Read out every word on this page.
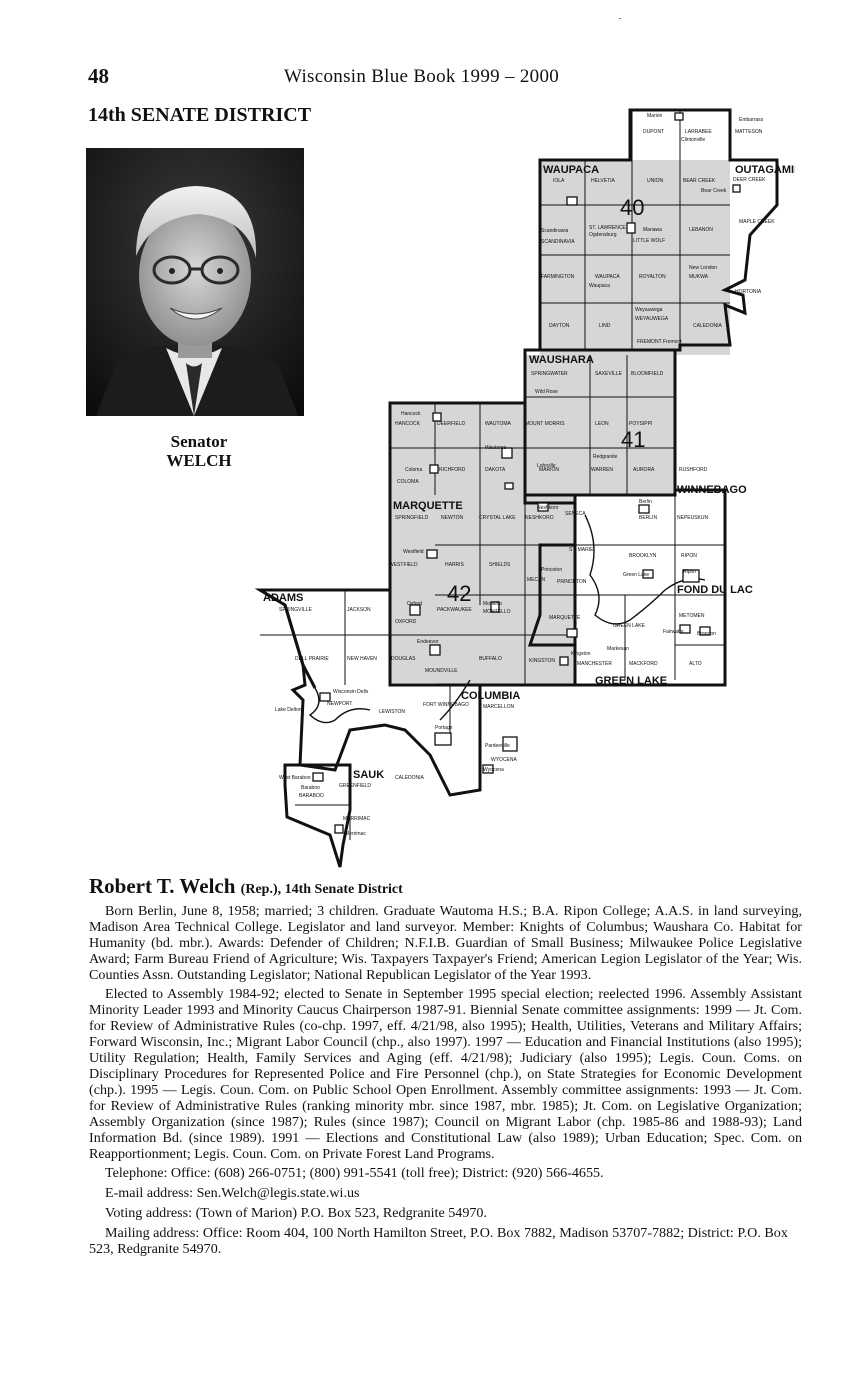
48	Wisconsin Blue Book 1999 – 2000
14th SENATE DISTRICT
Senator
WELCH
WAUPACA	OUTAGAMIE
WAUSHARA
WINNEBAGO
MARQUETTE
ADAMS
FOND DU LAC
GREEN LAKE
COLUMBIA
SAUK
40
41
42
Marion
Embarrass
DUPONT	LARRABEE
Clintonville
MATTESON
IOLA	HELVETIA	UNION	BEAR CREEK
Bear Creek
DEER CREEK
Scandinavia	ST. LAWRENCE
Ogdensburg
SCANDINAVIA
Manawa
LITTLE WOLF
LEBANON
MAPLE CREEK
FARMINGTON	WAUPACA
Waupaca
ROYALTON
New London
MUKWA
HORTONIA
DAYTON	LIND
Weyauwega
WEYAUWEGA
CALEDONIA
FREMONT Fremont
SPRINGWATER	SAXEVILLE BLOOMFIELD
Wild Rose
Hancock
HANCOCK	DEERFIELD	WAUTOMA	MOUNT MORRIS	LEON	POYSIPPI
Wautoma
Lohrville
Redgranite
Coloma
COLOMA
RICHFORD	DAKOTA	MARION	WARREN	AURORA	RUSHFORD
SPRINGFIELD	NEWTON	CRYSTAL LAKE
Neshkoro
NESHKORO
SENECA
Berlin
BERLIN	NEPEUSKUN
Westfield
WESTFIELD	HARRIS	SHIELDS
ST. MARIE
BROOKLYN	RIPON
Ripon
Princeton
PRINCETON
Green Lake
MECAN
SPRINGVILLE	JACKSON
Oxford
OXFORD
PACKWAUKEE
Montello
MONTELLO
MARQUETTE
GREEN LAKE
METOMEN
Fairwater	Brandon
Markesan
DELL PRAIRIE	NEW HAVEN	DOUGLAS
Endeavor
MOUNDVILLE
BUFFALO	KINGSTON
Kingston
MANCHESTER	MACKFORD	ALTO
Wisconsin Dells
Lake Delton
NEWPORT
LEWISTON
FORT WINNEBAGO	MARCELLON
Portage
Pardeeville
WYOCENA
Wyocena
West Baraboo
Baraboo
BARABOO
GREENFIELD
CALEDONIA
MERRIMAC
Merrimac
Robert T. Welch (Rep.), 14th Senate District

Born Berlin, June 8, 1958; married; 3 children. Graduate Wautoma H.S.; B.A. Ripon College; A.A.S. in land surveying, Madison Area Technical College. Legislator and land surveyor. Member: Knights of Columbus; Waushara Co. Habitat for Humanity (bd. mbr.). Awards: Defender of Children; N.F.I.B. Guardian of Small Business; Milwaukee Police Legislative Award; Farm Bureau Friend of Agriculture; Wis. Taxpayers Taxpayer's Friend; American Legion Legislator of the Year; Wis. Counties Assn. Outstanding Legislator; National Republican Legislator of the Year 1993.

Elected to Assembly 1984-92; elected to Senate in September 1995 special election; reelected 1996. Assembly Assistant Minority Leader 1993 and Minority Caucus Chairperson 1987-91. Biennial Senate committee assignments: 1999 — Jt. Com. for Review of Administrative Rules (co-chp. 1997, eff. 4/21/98, also 1995); Health, Utilities, Veterans and Military Affairs; Forward Wisconsin, Inc.; Migrant Labor Council (chp., also 1997). 1997 — Education and Financial Institutions (also 1995); Utility Regulation; Health, Family Services and Aging (eff. 4/21/98); Judiciary (also 1995); Legis. Coun. Coms. on Disciplinary Procedures for Represented Police and Fire Personnel (chp.), on State Strategies for Economic Development (chp.). 1995 — Legis. Coun. Com. on Public School Open Enrollment. Assembly committee assignments: 1993 — Jt. Com. for Review of Administrative Rules (ranking minority mbr. since 1987, mbr. 1985); Jt. Com. on Legislative Organization; Assembly Organization (since 1987); Rules (since 1987); Council on Migrant Labor (chp. 1985-86 and 1988-93); Land Information Bd. (since 1989). 1991 — Elections and Constitutional Law (also 1989); Urban Education; Spec. Com. on Reapportionment; Legis. Coun. Com. on Private Forest Land Programs.

Telephone: Office: (608) 266-0751; (800) 991-5541 (toll free); District: (920) 566-4655.

E-mail address: Sen.Welch@legis.state.wi.us

Voting address: (Town of Marion) P.O. Box 523, Redgranite 54970.

Mailing address: Office: Room 404, 100 North Hamilton Street, P.O. Box 7882, Madison 53707-7882; District: P.O. Box 523, Redgranite 54970.
